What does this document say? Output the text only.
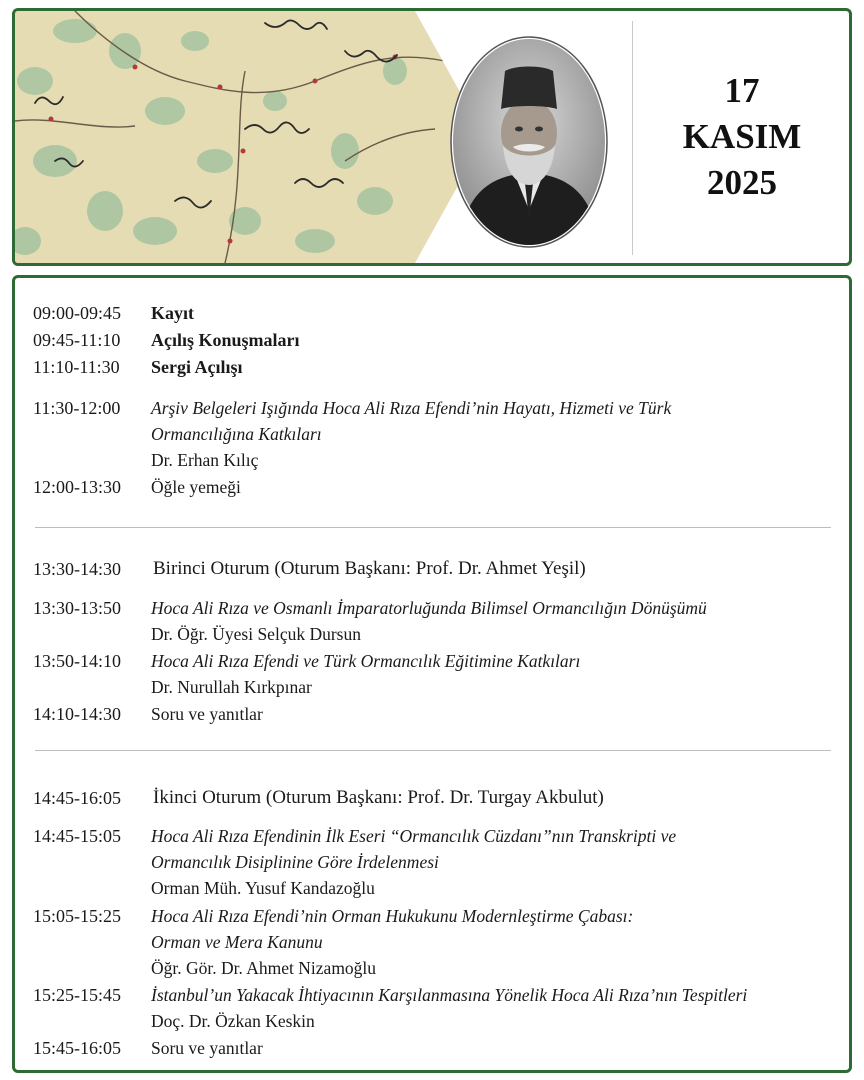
17
KASIM
2025
09:00-09:45	Kayıt
09:45-11:10	Açılış Konuşmaları
11:10-11:30	Sergi Açılışı
11:30-12:00	Arşiv Belgeleri Işığında Hoca Ali Rıza Efendi’nin Hayatı, Hizmeti ve Türk
Ormancılığına Katkıları
Dr. Erhan Kılıç
12:00-13:30	Öğle yemeği
13:30-14:30	Birinci Oturum (Oturum Başkanı: Prof. Dr. Ahmet Yeşil)
13:30-13:50	Hoca Ali Rıza ve Osmanlı İmparatorluğunda Bilimsel Ormancılığın Dönüşümü
Dr. Öğr. Üyesi Selçuk Dursun
13:50-14:10	Hoca Ali Rıza Efendi ve Türk Ormancılık Eğitimine Katkıları
Dr. Nurullah Kırkpınar
14:10-14:30	Soru ve yanıtlar
14:45-16:05	İkinci Oturum (Oturum Başkanı: Prof. Dr. Turgay Akbulut)
14:45-15:05	Hoca Ali Rıza Efendinin İlk Eseri “Ormancılık Cüzdanı”nın Transkripti ve
Ormancılık Disiplinine Göre İrdelenmesi
Orman Müh. Yusuf Kandazoğlu
15:05-15:25	Hoca Ali Rıza Efendi’nin Orman Hukukunu Modernleştirme Çabası:
Orman ve Mera Kanunu
Öğr. Gör. Dr. Ahmet Nizamoğlu
15:25-15:45	İstanbul’un Yakacak İhtiyacının Karşılanmasına Yönelik Hoca Ali Rıza’nın Tespitleri
Doç. Dr. Özkan Keskin
15:45-16:05	Soru ve yanıtlar
